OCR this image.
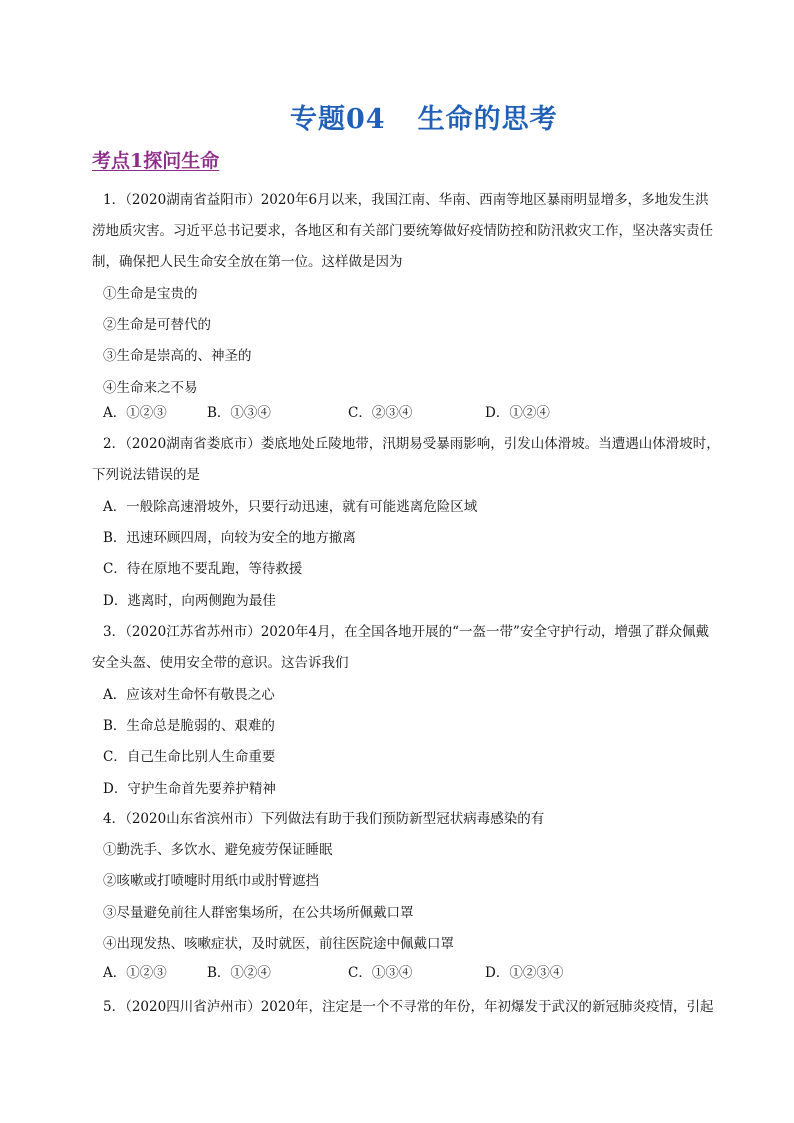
专题04 生命的思考
考点1探问生命
1．（2020湖南省益阳市）2020年6月以来，我国江南、华南、西南等地区暴雨明显增多，多地发生洪
涝地质灾害。习近平总书记要求，各地区和有关部门要统筹做好疫情防控和防汛救灾工作，坚决落实责任
制，确保把人民生命安全放在第一位。这样做是因为
①生命是宝贵的
②生命是可替代的
③生命是崇高的、神圣的
④生命来之不易
A．①②③	B．①③④	C．②③④	D．①②④
2．（2020湖南省娄底市）娄底地处丘陵地带，汛期易受暴雨影响，引发山体滑坡。当遭遇山体滑坡时，
下列说法错误的是
A．一般除高速滑坡外，只要行动迅速，就有可能逃离危险区域
B．迅速环顾四周，向较为安全的地方撤离
C．待在原地不要乱跑，等待救援
D．逃离时，向两侧跑为最佳
3．（2020江苏省苏州市）2020年4月，在全国各地开展的“一盔一带”安全守护行动，增强了群众佩戴
安全头盔、使用安全带的意识。这告诉我们
A．应该对生命怀有敬畏之心
B．生命总是脆弱的、艰难的
C．自己生命比别人生命重要
D．守护生命首先要养护精神
4．（2020山东省滨州市）下列做法有助于我们预防新型冠状病毒感染的有
①勤洗手、多饮水、避免疲劳保证睡眠
②咳嗽或打喷嚏时用纸巾或肘臂遮挡
③尽量避免前往人群密集场所，在公共场所佩戴口罩
④出现发热、咳嗽症状，及时就医，前往医院途中佩戴口罩
A．①②③	B．①②④	C．①③④	D．①②③④
5．（2020四川省泸州市）2020年，注定是一个不寻常的年份，年初爆发于武汉的新冠肺炎疫情，引起
